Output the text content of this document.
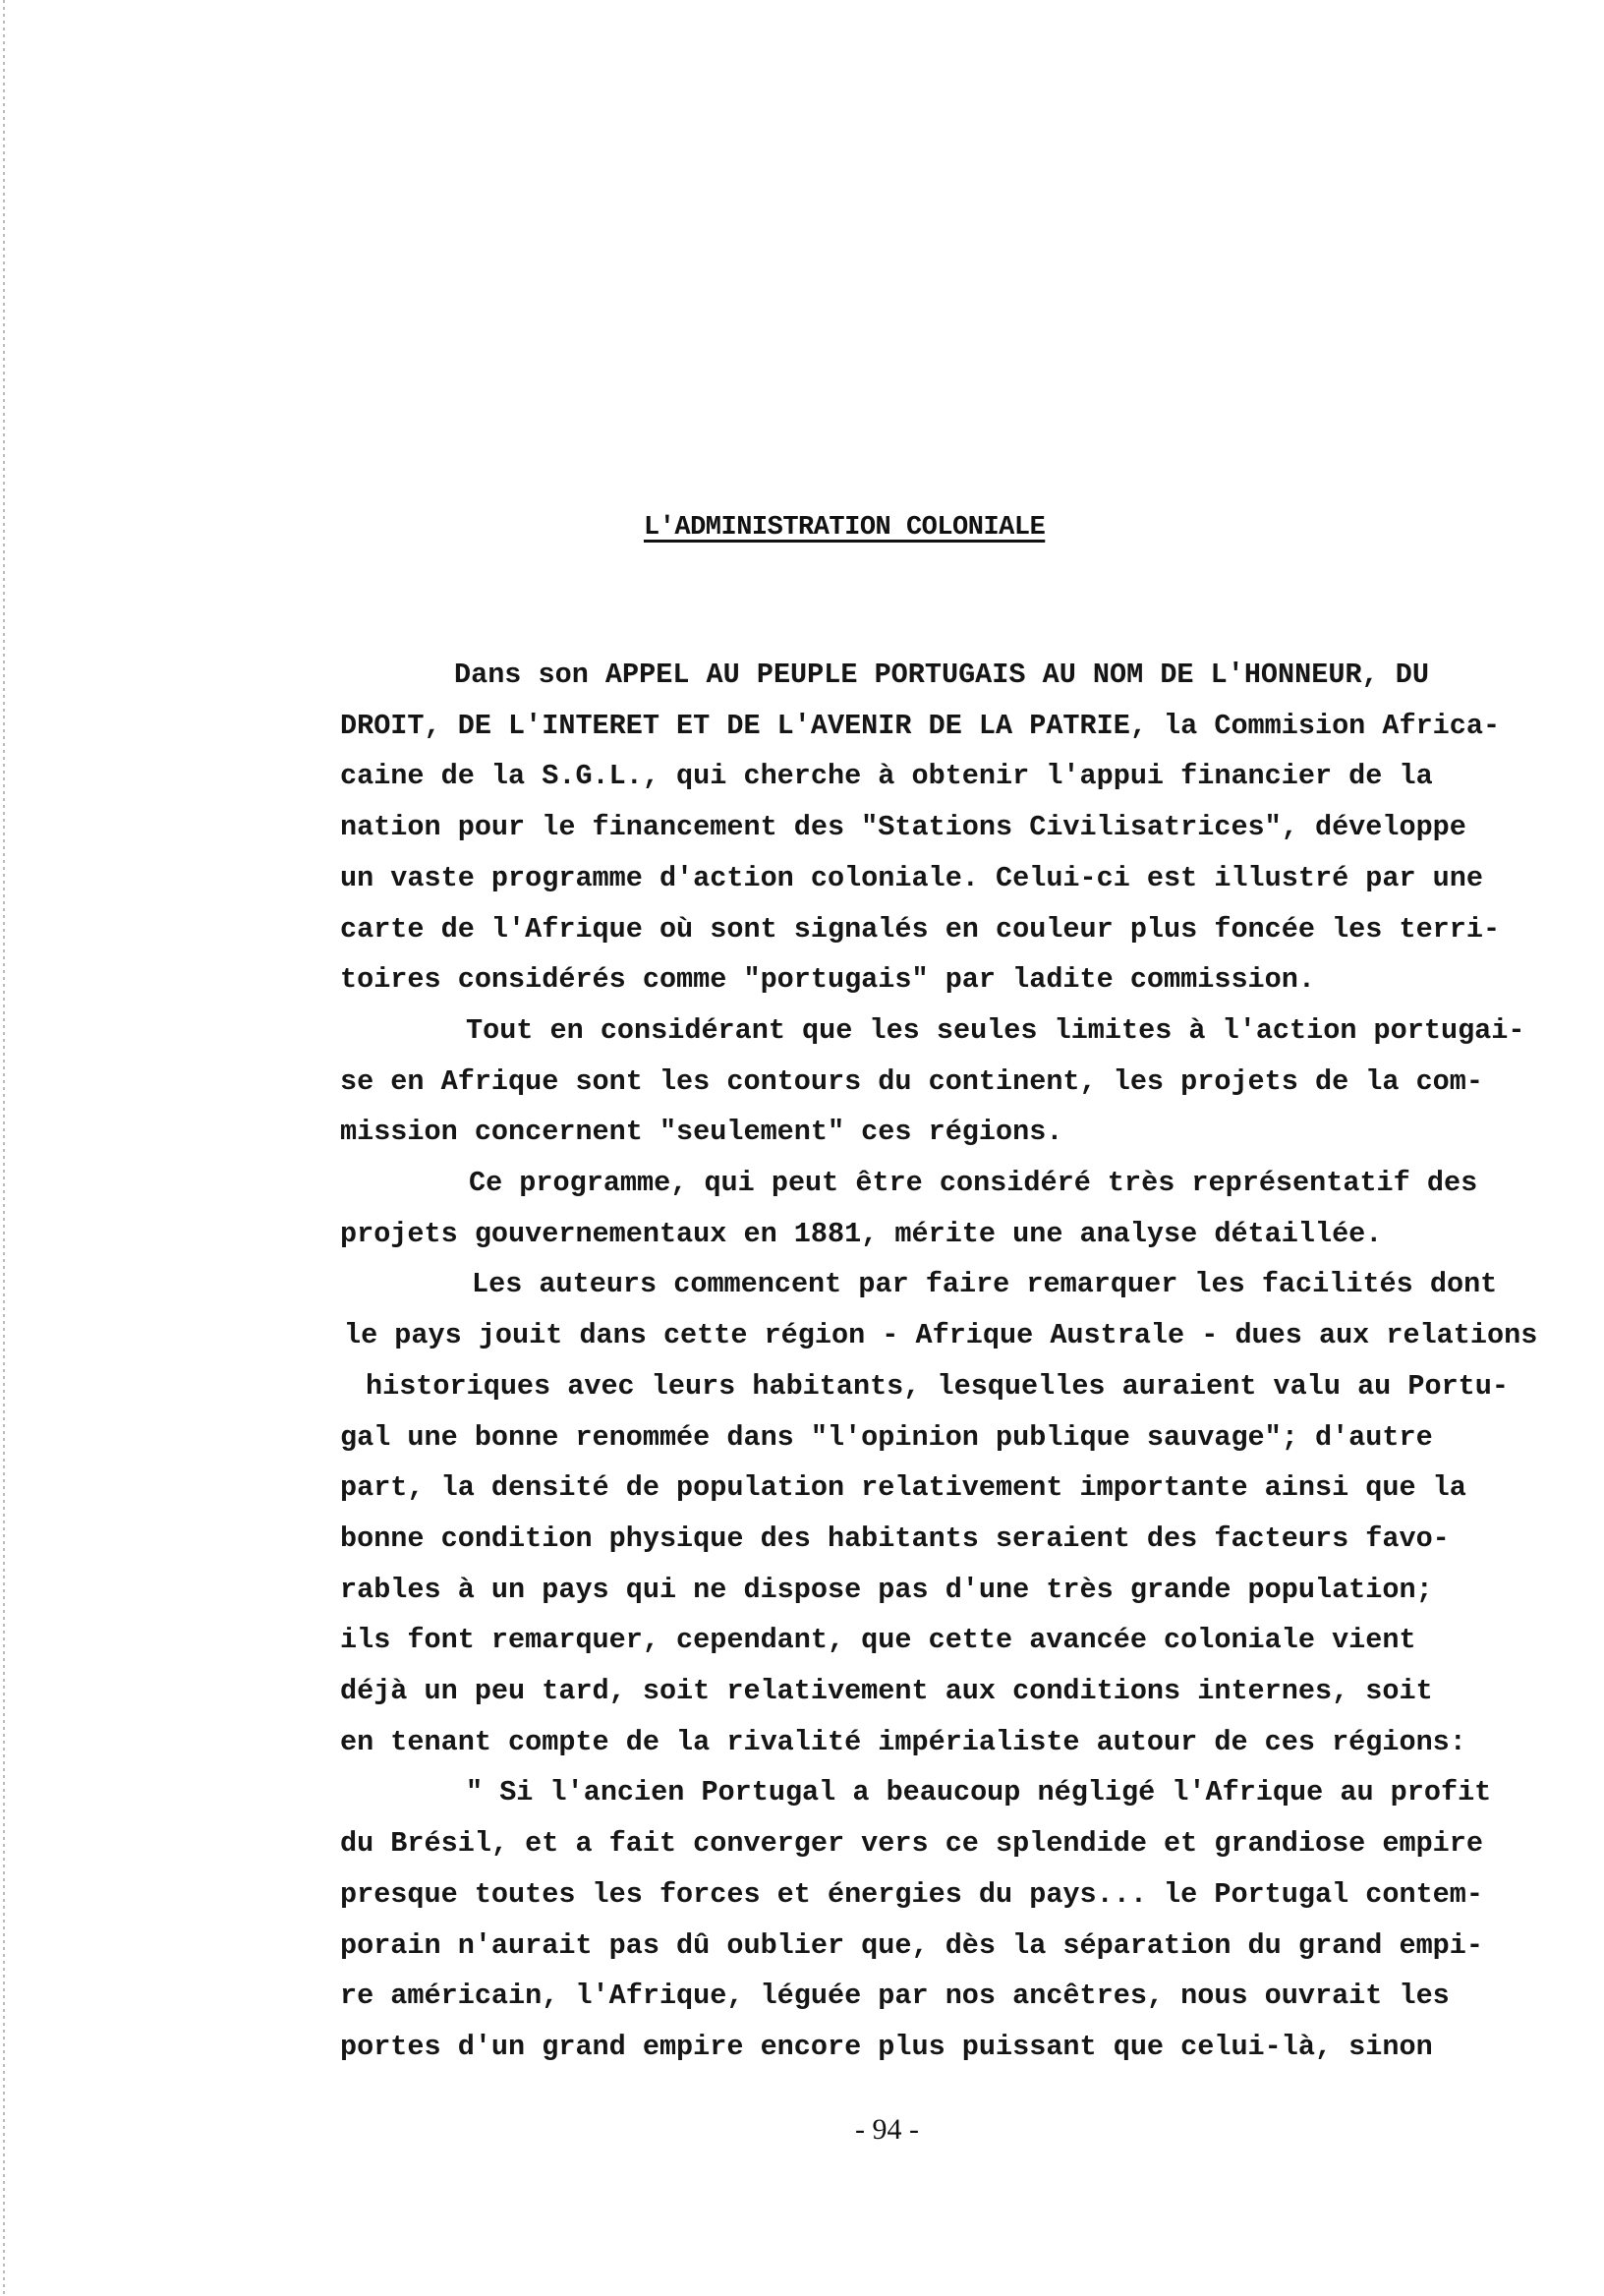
L'ADMINISTRATION COLONIALE
Dans son APPEL AU PEUPLE PORTUGAIS AU NOM DE L'HONNEUR, DU
DROIT, DE L'INTERET ET DE L'AVENIR DE LA PATRIE, la Commision Africa-
caine de la S.G.L., qui cherche à obtenir l'appui financier de la
nation pour le financement des "Stations Civilisatrices", développe
un vaste programme d'action coloniale. Celui-ci est illustré par une
carte de l'Afrique où sont signalés en couleur plus foncée les terri-
toires considérés comme "portugais" par ladite commission.
Tout en considérant que les seules limites à l'action portugai-
se en Afrique sont les contours du continent, les projets de la com-
mission concernent "seulement" ces régions.
Ce programme, qui peut être considéré très représentatif des
projets gouvernementaux en 1881, mérite une analyse détaillée.
Les auteurs commencent par faire remarquer les facilités dont
le pays jouit dans cette région - Afrique Australe - dues aux relations
historiques avec leurs habitants, lesquelles auraient valu au Portu-
gal une bonne renommée dans "l'opinion publique sauvage"; d'autre
part, la densité de population relativement importante ainsi que la
bonne condition physique des habitants seraient des facteurs favo-
rables à un pays qui ne dispose pas d'une très grande population;
ils font remarquer, cependant, que cette avancée coloniale vient
déjà un peu tard, soit relativement aux conditions internes, soit
en tenant compte de la rivalité impérialiste autour de ces régions:
" Si l'ancien Portugal a beaucoup négligé l'Afrique au profit
du Brésil, et a fait converger vers ce splendide et grandiose empire
presque toutes les forces et énergies du pays... le Portugal contem-
porain n'aurait pas dû oublier que, dès la séparation du grand empi-
re américain, l'Afrique, léguée par nos ancêtres, nous ouvrait les
portes d'un grand empire encore plus puissant que celui-là, sinon
- 94 -
